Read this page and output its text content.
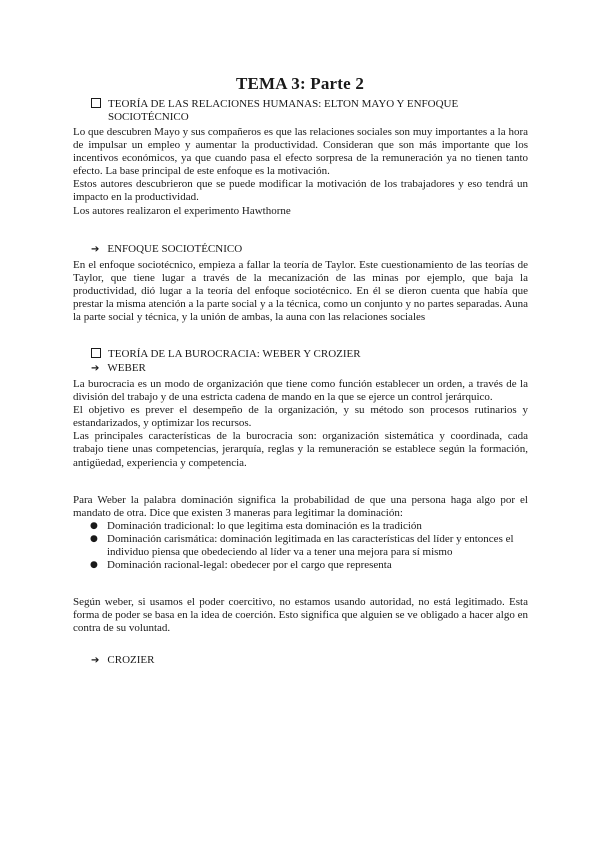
TEMA 3: Parte 2
TEORÍA DE LAS RELACIONES HUMANAS: ELTON MAYO Y ENFOQUE
SOCIOTÉCNICO

Lo que descubren Mayo y sus compañeros es que las relaciones sociales son muy importantes a la hora de impulsar un empleo y aumentar la productividad. Consideran que son más importante que los incentivos económicos, ya que cuando pasa el efecto sorpresa de la remuneración ya no tienen tanto efecto. La base principal de este enfoque es la motivación.

Estos autores descubrieron que se puede modificar la motivación de los trabajadores y eso tendrá un impacto en la productividad.

Los autores realizaron el experimento Hawthorne

➔ ENFOQUE SOCIOTÉCNICO

En el enfoque sociotécnico, empieza a fallar la teoría de Taylor. Este cuestionamiento de las teorías de Taylor, que tiene lugar a través de la mecanización de las minas por ejemplo, que baja la productividad, dió lugar a la teoría del enfoque sociotécnico. En él se dieron cuenta que había que prestar la misma atención a la parte social y a la técnica, como un conjunto y no partes separadas. Auna la parte social y técnica, y la unión de ambas, la auna con las relaciones sociales

TEORÍA DE LA BUROCRACIA: WEBER Y CROZIER
➔ WEBER

La burocracia es un modo de organización que tiene como función establecer un orden, a través de la división del trabajo y de una estricta cadena de mando en la que se ejerce un control jerárquico.

El objetivo es prever el desempeño de la organización, y su método son procesos rutinarios y estandarizados, y optimizar los recursos.

Las principales características de la burocracia son: organización sistemática y coordinada, cada trabajo tiene unas competencias, jerarquía, reglas y la remuneración se establece según la formación, antigüedad, experiencia y competencia.

Para Weber la palabra dominación significa la probabilidad de que una persona haga algo por el mandato de otra. Dice que existen 3 maneras para legitimar la dominación:

● Dominación tradicional: lo que legitima esta dominación es la tradición
● Dominación carismática: dominación legitimada en las características del líder y entonces el individuo piensa que obedeciendo al líder va a tener una mejora para sí mismo
● Dominación racional-legal: obedecer por el cargo que representa

Según weber, si usamos el poder coercitivo, no estamos usando autoridad, no está legitimado. Esta forma de poder se basa en la idea de coerción. Esto significa que alguien se ve obligado a hacer algo en contra de su voluntad.

➔ CROZIER
